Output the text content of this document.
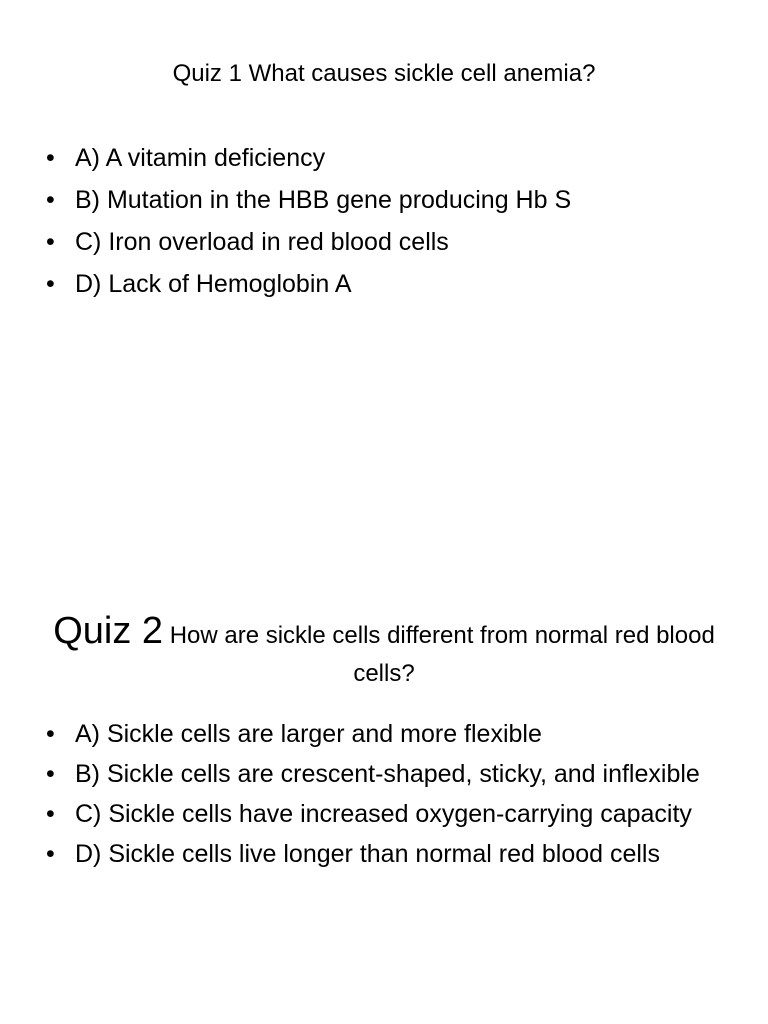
Quiz 1 What causes sickle cell anemia?
• A) A vitamin deficiency
• B) Mutation in the HBB gene producing Hb S
• C) Iron overload in red blood cells
• D) Lack of Hemoglobin A
Quiz 2 How are sickle cells different from normal red blood cells?
• A) Sickle cells are larger and more flexible
• B) Sickle cells are crescent-shaped, sticky, and inflexible
• C) Sickle cells have increased oxygen-carrying capacity
• D) Sickle cells live longer than normal red blood cells
